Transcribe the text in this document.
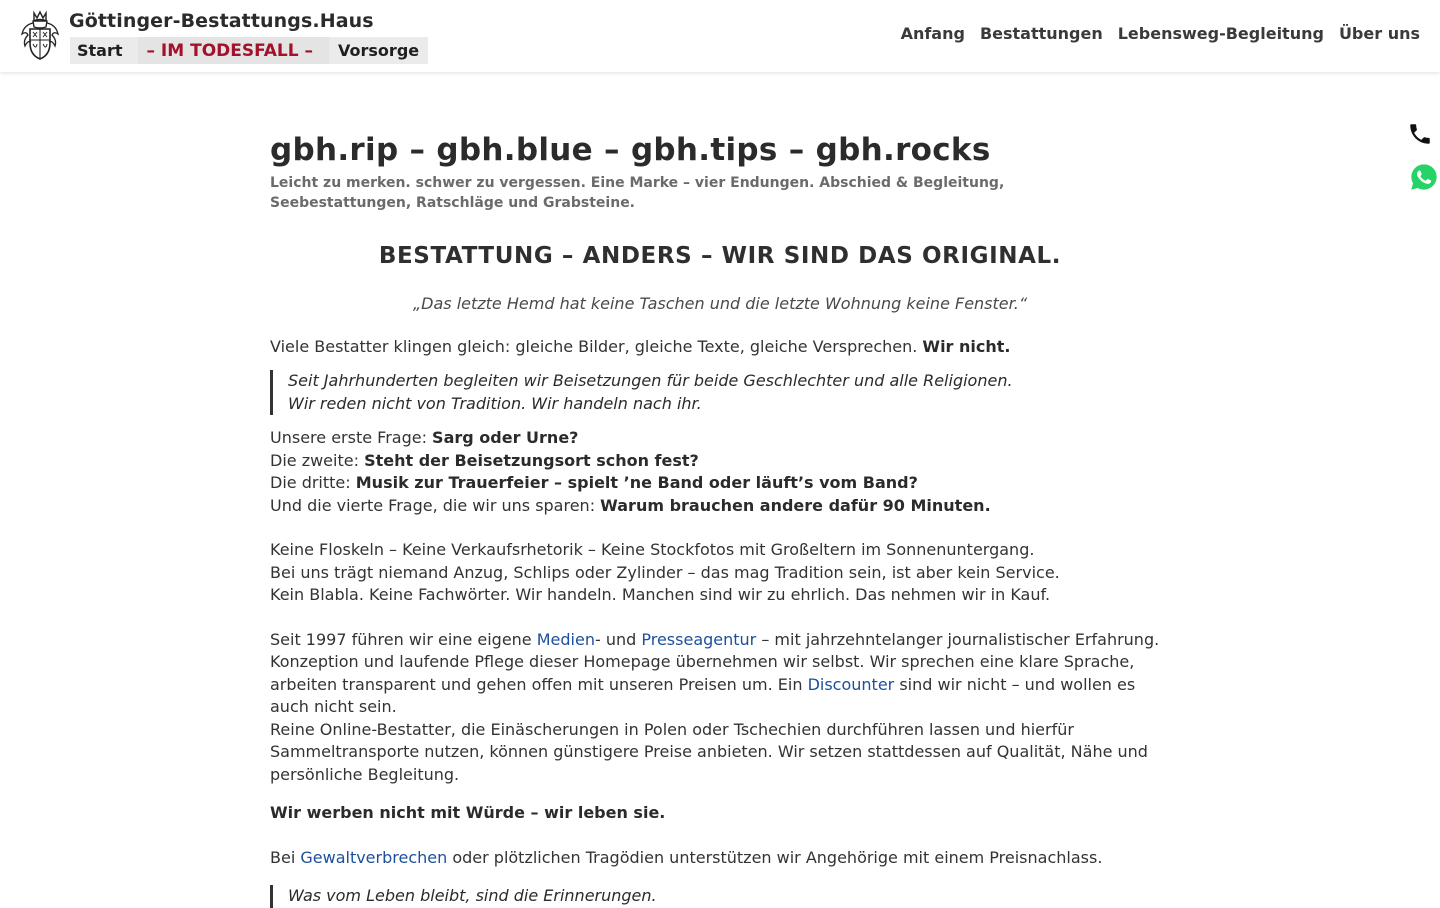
Göttinger-Bestattungs.Haus
Start	– IM TODESFALL –	Vorsorge
Anfang Bestattungen Lebensweg-Begleitung Über uns
gbh.rip – gbh.blue – gbh.tips – gbh.rocks

Leicht zu merken. schwer zu vergessen. Eine Marke – vier Endungen. Abschied & Begleitung, Seebestattungen, Ratschläge und Grabsteine.

BESTATTUNG – ANDERS – WIR SIND DAS ORIGINAL.

„Das letzte Hemd hat keine Taschen und die letzte Wohnung keine Fenster.“

Viele Bestatter klingen gleich: gleiche Bilder, gleiche Texte, gleiche Versprechen. Wir nicht.

Seit Jahrhunderten begleiten wir Beisetzungen für beide Geschlechter und alle Religionen.
Wir reden nicht von Tradition. Wir handeln nach ihr.
Unsere erste Frage: Sarg oder Urne?
Die zweite: Steht der Beisetzungsort schon fest?
Die dritte: Musik zur Trauerfeier – spielt ’ne Band oder läuft’s vom Band?
Und die vierte Frage, die wir uns sparen: Warum brauchen andere dafür 90 Minuten.
Keine Floskeln – Keine Verkaufsrhetorik – Keine Stockfotos mit Großeltern im Sonnenuntergang.
Bei uns trägt niemand Anzug, Schlips oder Zylinder – das mag Tradition sein, ist aber kein Service.
Kein Blabla. Keine Fachwörter. Wir handeln. Manchen sind wir zu ehrlich. Das nehmen wir in Kauf.
Seit 1997 führen wir eine eigene Medien- und Presseagentur – mit jahrzehntelanger journalistischer Erfahrung. Konzeption und laufende Pflege dieser Homepage übernehmen wir selbst. Wir sprechen eine klare Sprache, arbeiten transparent und gehen offen mit unseren Preisen um. Ein Discounter sind wir nicht – und wollen es auch nicht sein.
Reine Online-Bestatter, die Einäscherungen in Polen oder Tschechien durchführen lassen und hierfür Sammeltransporte nutzen, können günstigere Preise anbieten. Wir setzen stattdessen auf Qualität, Nähe und persönliche Begleitung.

Wir werben nicht mit Würde – wir leben sie.

Bei Gewaltverbrechen oder plötzlichen Tragödien unterstützen wir Angehörige mit einem Preisnachlass.

Was vom Leben bleibt, sind die Erinnerungen.
